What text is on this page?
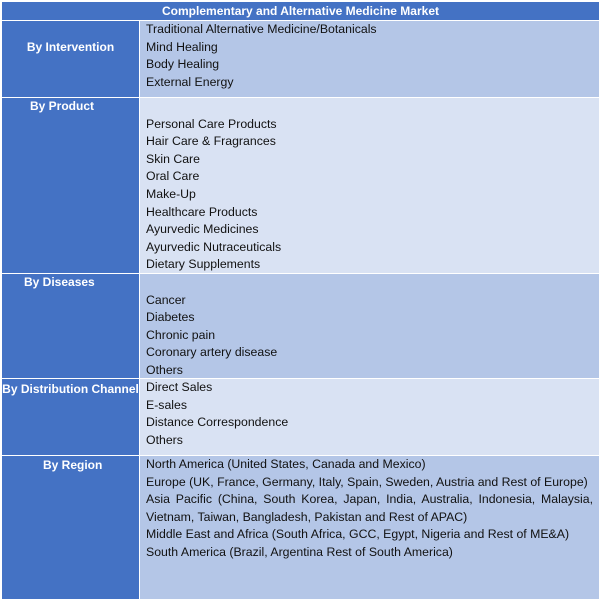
Complementary and Alternative Medicine Market
By Intervention
Traditional Alternative Medicine/Botanicals
Mind Healing
Body Healing
External Energy
By Product
Personal Care Products
Hair Care & Fragrances
Skin Care
Oral Care
Make-Up
Healthcare Products
Ayurvedic Medicines
Ayurvedic Nutraceuticals
Dietary Supplements
By Diseases
Cancer
Diabetes
Chronic pain
Coronary artery disease
Others
By Distribution Channel Direct Sales
E-sales
Distance Correspondence
Others
By Region	North America (United States, Canada and Mexico)
Europe (UK, France, Germany, Italy, Spain, Sweden, Austria and Rest of Europe)
Asia Pacific (China, South Korea, Japan, India, Australia, Indonesia, Malaysia, Vietnam, Taiwan, Bangladesh, Pakistan and Rest of APAC)
Middle East and Africa (South Africa, GCC, Egypt, Nigeria and Rest of ME&A)
South America (Brazil, Argentina Rest of South America)
